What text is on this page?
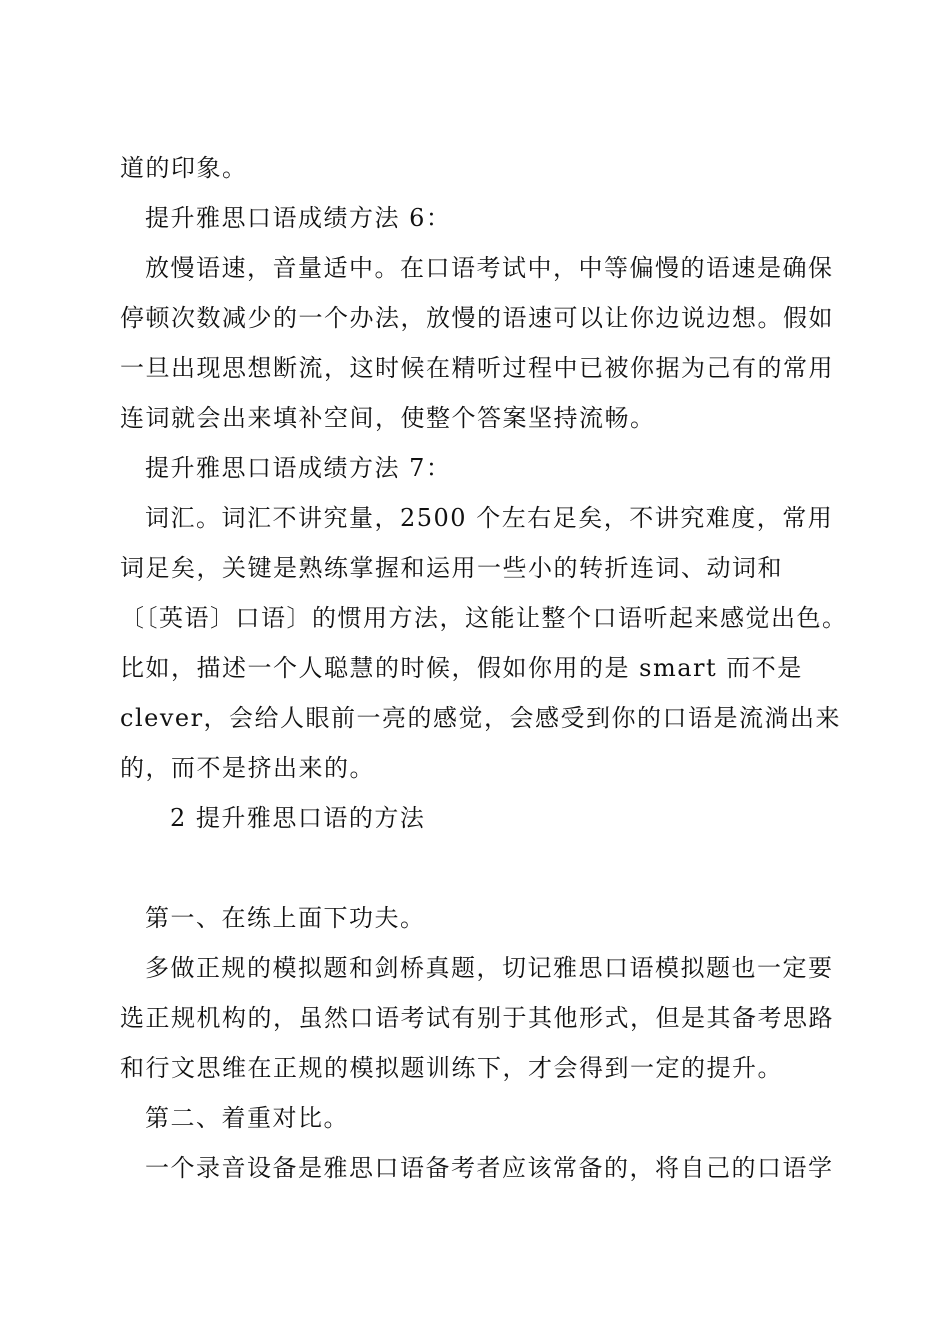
道的印象。
提升雅思口语成绩方法 6：
放慢语速，音量适中。在口语考试中，中等偏慢的语速是确保
停顿次数减少的一个办法，放慢的语速可以让你边说边想。假如
一旦出现思想断流，这时候在精听过程中已被你据为己有的常用
连词就会出来填补空间，使整个答案坚持流畅。
提升雅思口语成绩方法 7：
词汇。词汇不讲究量，2500 个左右足矣，不讲究难度，常用
词足矣，关键是熟练掌握和运用一些小的转折连词、动词和
〔〔英语〕口语〕的惯用方法，这能让整个口语听起来感觉出色。
比如，描述一个人聪慧的时候，假如你用的是 smart 而不是
clever，会给人眼前一亮的感觉，会感受到你的口语是流淌出来
的，而不是挤出来的。
2 提升雅思口语的方法
第一、在练上面下功夫。
多做正规的模拟题和剑桥真题，切记雅思口语模拟题也一定要
选正规机构的，虽然口语考试有别于其他形式，但是其备考思路
和行文思维在正规的模拟题训练下，才会得到一定的提升。
第二、着重对比。
一个录音设备是雅思口语备考者应该常备的，将自己的口语学
